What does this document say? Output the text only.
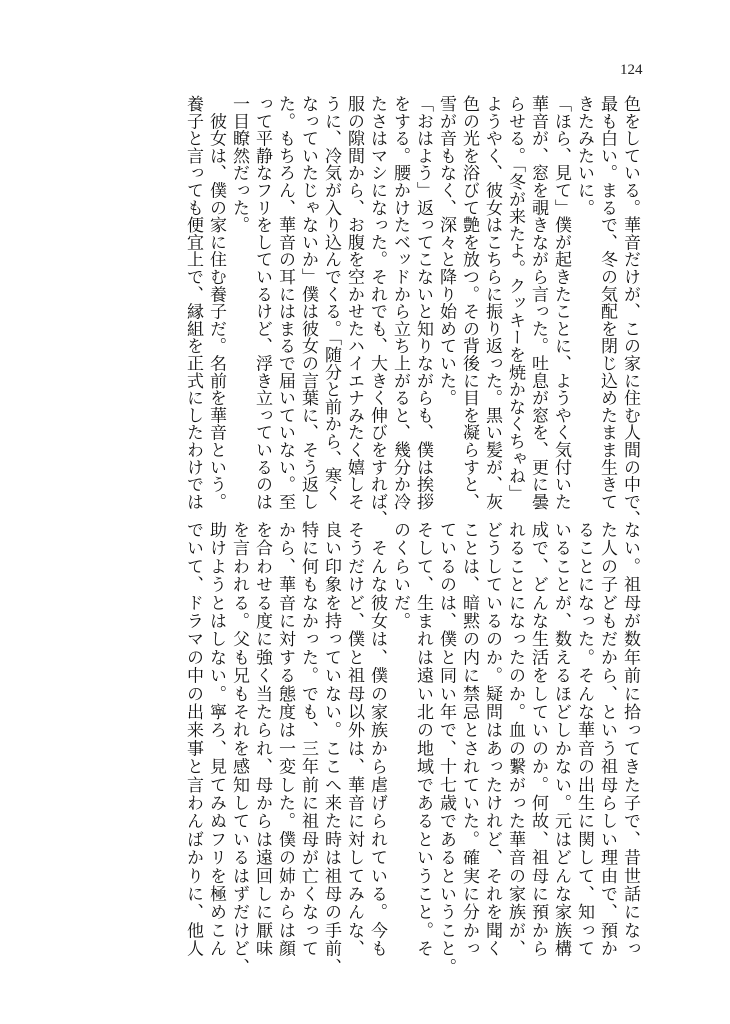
124
色をしている。華音だけが、この家に住む人間の中で、
最も白い。まるで、冬の気配を閉じ込めたまま生きて
きたみたいに。
「ほら、見て」僕が起きたことに、ようやく気付いた
華音が、窓を覗きながら言った。吐息が窓を、更に曇
らせる。「冬が来たよ。クッキーを焼かなくちゃね」
ようやく、彼女はこちらに振り返った。黒い髪が、灰
色の光を浴びて艶を放つ。その背後に目を凝らすと、
雪が音もなく、深々と降り始めていた。
「おはよう」返ってこないと知りながらも、僕は挨拶
をする。腰かけたベッドから立ち上がると、幾分か冷
たさはマシになった。それでも、大きく伸びをすれば、
服の隙間から、お腹を空かせたハイエナみたく嬉しそ
うに、冷気が入り込んでくる。「随分と前から、寒く
なっていたじゃないか」僕は彼女の言葉に、そう返し
た。もちろん、華音の耳にはまるで届いていない。至
って平静なフリをしているけど、浮き立っているのは
一目瞭然だった。
　彼女は、僕の家に住む養子だ。名前を華音という。
養子と言っても便宜上で、縁組を正式にしたわけでは
ない。祖母が数年前に拾ってきた子で、昔世話になっ
た人の子どもだから、という祖母らしい理由で、預か
ることになった。そんな華音の出生に関して、知って
いることが、数えるほどしかない。元はどんな家族構
成で、どんな生活をしていのか。何故、祖母に預から
れることになったのか。血の繋がった華音の家族が、
どうしているのか。疑問はあったけれど、それを聞く
ことは、暗黙の内に禁忌とされていた。確実に分かっ
ているのは、僕と同い年で、十七歳であるということ。
そして、生まれは遠い北の地域であるということ。そ
のくらいだ。
　そんな彼女は、僕の家族から虐げられている。今も
そうだけど、僕と祖母以外は、華音に対してみんな、
良い印象を持っていない。ここへ来た時は祖母の手前、
特に何もなかった。でも、三年前に祖母が亡くなって
から、華音に対する態度は一変した。僕の姉からは顔
を合わせる度に強く当たられ、母からは遠回しに厭味
を言われる。父も兄もそれを感知しているはずだけど、
助けようとはしない。寧ろ、見てみぬフリを極めこん
でいて、ドラマの中の出来事と言わんばかりに、他人
